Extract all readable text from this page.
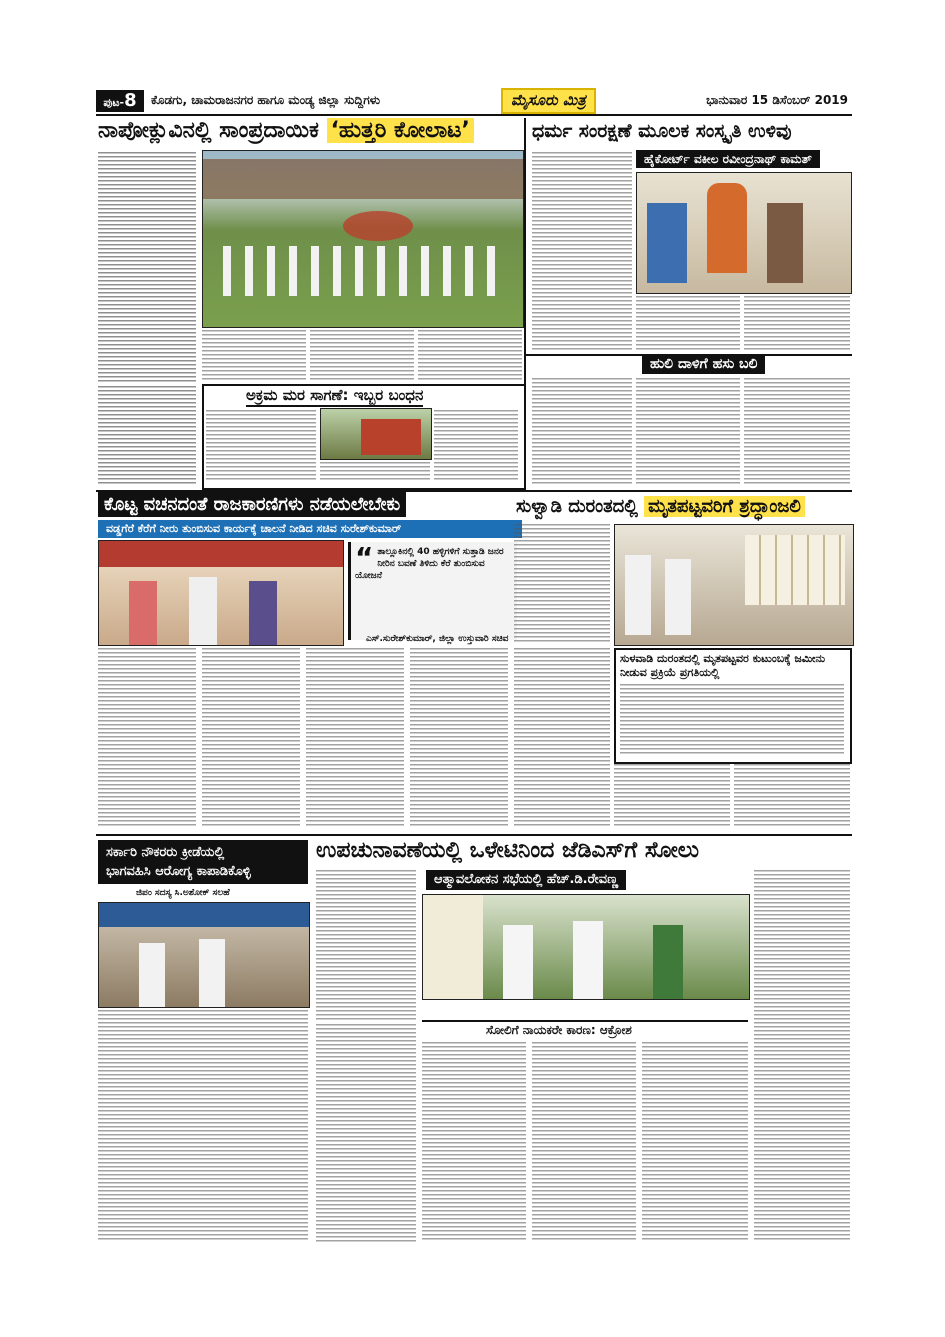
ಪುಟ-8	ಕೊಡಗು, ಚಾಮರಾಜನಗರ ಹಾಗೂ ಮಂಡ್ಯ ಜಿಲ್ಲಾ ಸುದ್ದಿಗಳು	ಮೈಸೂರು ಮಿತ್ರ	ಭಾನುವಾರ 15 ಡಿಸೆಂಬರ್ 2019
ನಾಪೋಕ್ಲುವಿನಲ್ಲಿ ಸಾಂಪ್ರದಾಯಿಕ ‘ಹುತ್ತರಿ ಕೋಲಾಟ’
ಅಕ್ರಮ ಮರ ಸಾಗಣೆ: ಇಬ್ಬರ ಬಂಧನ
ಧರ್ಮ ಸಂರಕ್ಷಣೆ ಮೂಲಕ ಸಂಸ್ಕೃತಿ ಉಳಿವು
ಹೈಕೋರ್ಟ್ ವಕೀಲ ರವೀಂದ್ರನಾಥ್ ಕಾಮತ್
ಹುಲಿ ದಾಳಿಗೆ ಹಸು ಬಲಿ
ಕೊಟ್ಟ ವಚನದಂತೆ ರಾಜಕಾರಣಿಗಳು ನಡೆಯಲೇಬೇಕು
ವಡ್ಡಗೆರೆ ಕೆರೆಗೆ ನೀರು ತುಂಬಿಸುವ ಕಾರ್ಯಕ್ಕೆ ಚಾಲನೆ ನೀಡಿದ ಸಚಿವ ಸುರೇಶ್‌ಕುಮಾರ್
“ ತಾಲ್ಲೂಕಿನಲ್ಲಿ 40 ಹಳ್ಳಿಗಳಿಗೆ ಸುತ್ತಾಡಿ ಜನರ ನೀರಿನ ಬವಣೆ ತಿಳಿದು ಕೆರೆ ತುಂಬಿಸುವ ಯೋಜನೆ
ಎಸ್.ಸುರೇಶ್‌ಕುಮಾರ್, ಜಿಲ್ಲಾ ಉಸ್ತುವಾರಿ ಸಚಿವ
ಸುಳ್ವಾಡಿ ದುರಂತದಲ್ಲಿ ಮೃತಪಟ್ಟವರಿಗೆ ಶ್ರದ್ಧಾಂಜಲಿ
ಸುಳವಾಡಿ ದುರಂತದಲ್ಲಿ ಮೃತಪಟ್ಟವರ ಕುಟುಂಬಕ್ಕೆ ಜಮೀನು ನೀಡುವ ಪ್ರಕ್ರಿಯೆ ಪ್ರಗತಿಯಲ್ಲಿ
ಸರ್ಕಾರಿ ನೌಕರರು ಕ್ರೀಡೆಯಲ್ಲಿ
ಭಾಗವಹಿಸಿ ಆರೋಗ್ಯ ಕಾಪಾಡಿಕೊಳ್ಳಿ
ಜಿಪಂ ಸದಸ್ಯ ಸಿ.ಅಶೋಕ್ ಸಲಹೆ
ಉಪಚುನಾವಣೆಯಲ್ಲಿ ಒಳೇಟಿನಿಂದ ಜೆಡಿಎಸ್‌ಗೆ ಸೋಲು
ಆತ್ಮಾವಲೋಕನ ಸಭೆಯಲ್ಲಿ ಹೆಚ್.ಡಿ.ರೇವಣ್ಣ
ಸೋಲಿಗೆ ನಾಯಕರೇ ಕಾರಣ: ಆಕ್ರೋಶ
